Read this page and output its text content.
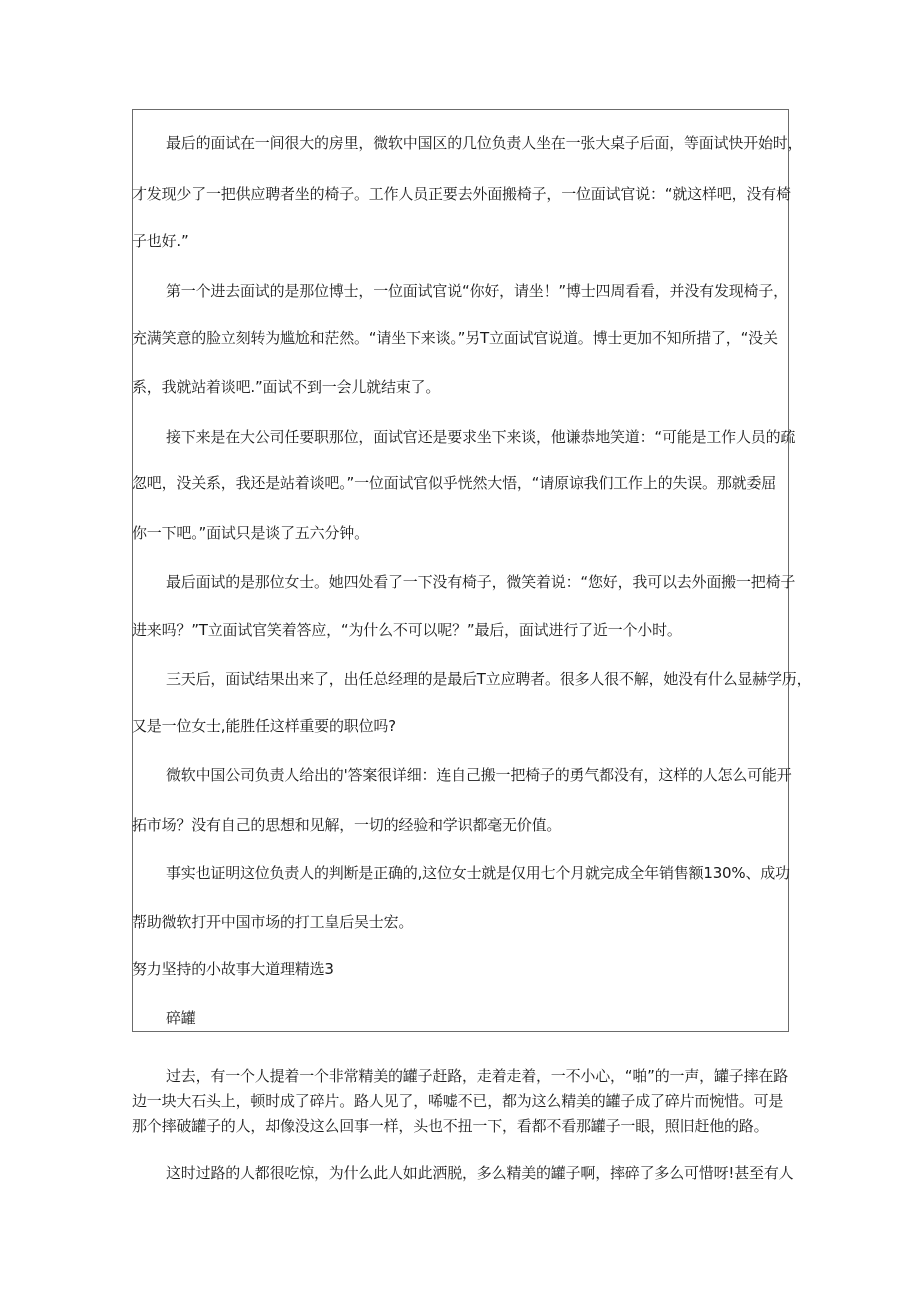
最后的面试在一间很大的房里，微软中国区的几位负责人坐在一张大桌子后面，等面试快开始时，

才发现少了一把供应聘者坐的椅子。工作人员正要去外面搬椅子，一位面试官说：“就这样吧，没有椅

子也好.”

第一个进去面试的是那位博士，一位面试官说“你好，请坐！”博士四周看看，并没有发现椅子，

充满笑意的脸立刻转为尴尬和茫然。“请坐下来谈。”另T立面试官说道。博士更加不知所措了，“没关

系，我就站着谈吧.”面试不到一会儿就结束了。

接下来是在大公司任要职那位，面试官还是要求坐下来谈，他谦恭地笑道：“可能是工作人员的疏

忽吧，没关系，我还是站着谈吧。”一位面试官似乎恍然大悟，“请原谅我们工作上的失误。那就委屈

你一下吧。”面试只是谈了五六分钟。

最后面试的是那位女士。她四处看了一下没有椅子，微笑着说：“您好，我可以去外面搬一把椅子

进来吗？”T立面试官笑着答应，“为什么不可以呢？”最后，面试进行了近一个小时。

三天后，面试结果出来了，出任总经理的是最后T立应聘者。很多人很不解，她没有什么显赫学历，

又是一位女士,能胜任这样重要的职位吗?

微软中国公司负责人给出的'答案很详细：连自己搬一把椅子的勇气都没有，这样的人怎么可能开

拓市场？没有自己的思想和见解，一切的经验和学识都毫无价值。

事实也证明这位负责人的判断是正确的,这位女士就是仅用七个月就完成全年销售额130%、成功

帮助微软打开中国市场的打工皇后吴士宏。

努力坚持的小故事大道理精选3

碎罐

过去，有一个人提着一个非常精美的罐子赶路，走着走着，一不小心，“啪”的一声，罐子摔在路

边一块大石头上，顿时成了碎片。路人见了，唏嘘不已，都为这么精美的罐子成了碎片而惋惜。可是

那个摔破罐子的人，却像没这么回事一样，头也不扭一下，看都不看那罐子一眼，照旧赶他的路。

这时过路的人都很吃惊，为什么此人如此洒脱，多么精美的罐子啊，摔碎了多么可惜呀!甚至有人
